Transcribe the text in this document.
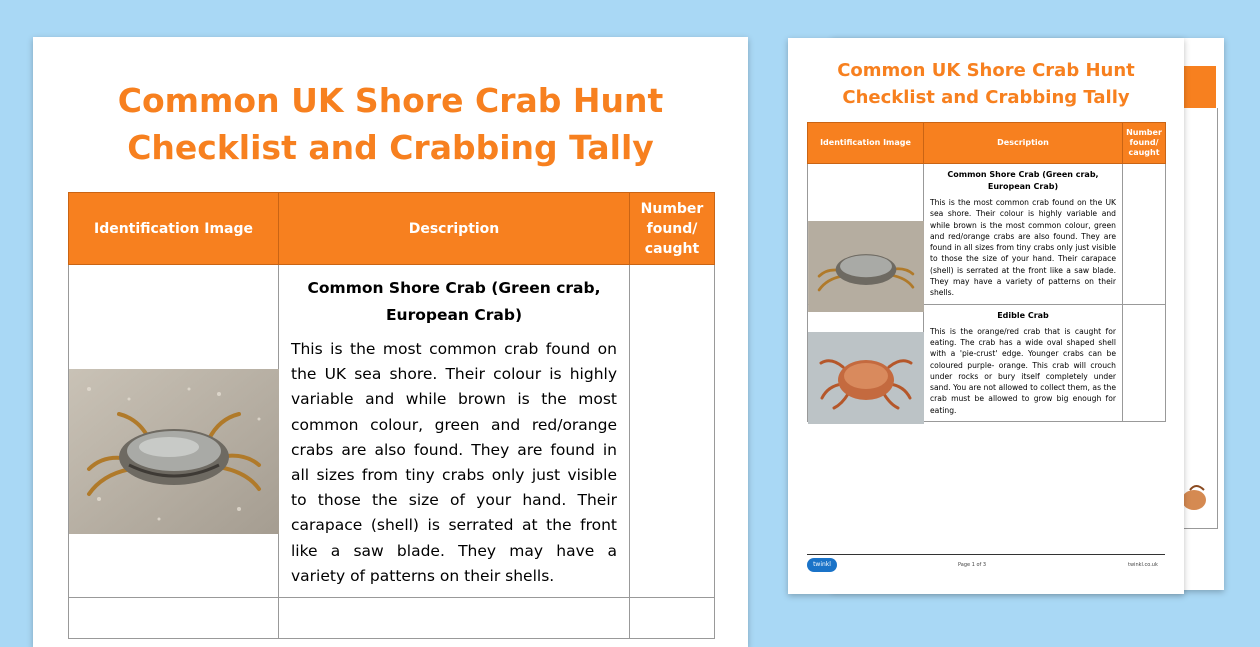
Common UK Shore Crab Hunt
Checklist and Crabbing Tally
Identification Image	Description	Number found/ caught

Common Shore Crab (Green crab, European Crab)
This is the most common crab found on the UK sea shore. Their colour is highly variable and while brown is the most common colour, green and red/orange crabs are also found. They are found in all sizes from tiny crabs only just visible to those the size of your hand. Their carapace (shell) is serrated at the front like a saw blade. They may have a variety of patterns on their shells.	

Common UK Shore Crab Hunt
Checklist and Crabbing Tally
Identification Image	Description	Number found/ caught

Common Shore Crab (Green crab, European Crab)
This is the most common crab found on the UK sea shore. Their colour is highly variable and while brown is the most common colour, green and red/orange crabs are also found. They are found in all sizes from tiny crabs only just visible to those the size of your hand. Their carapace (shell) is serrated at the front like a saw blade. They may have a variety of patterns on their shells.	

Edible Crab
This is the orange/red crab that is caught for eating. The crab has a wide oval shaped shell with a 'pie-crust' edge. Younger crabs can be coloured purple- orange. This crab will crouch under rocks or bury itself completely under sand. You are not allowed to collect them, as the crab must be allowed to grow big enough for eating.	

twinkl	Page 1 of 3	twinkl.co.uk
